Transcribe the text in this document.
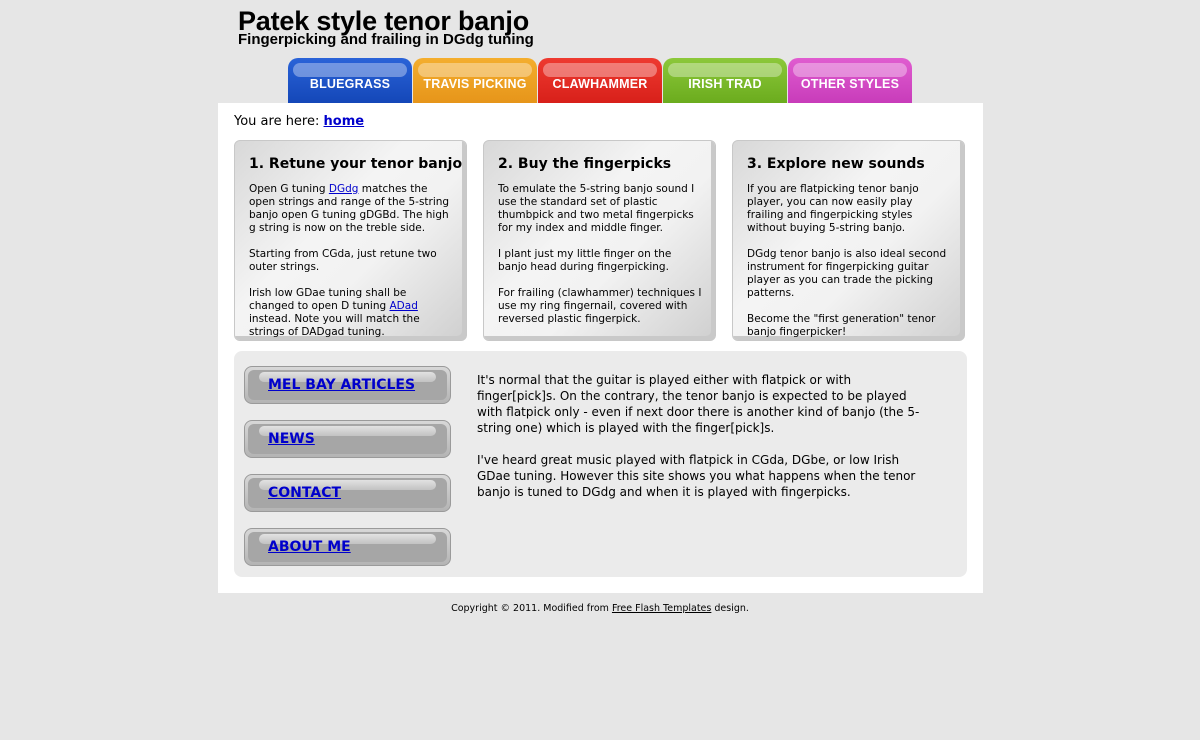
Patek style tenor banjo
Fingerpicking and frailing in DGdg tuning
BLUEGRASS	TRAVIS PICKING	CLAWHAMMER	IRISH TRAD	OTHER STYLES
You are here: home
1. Retune your tenor banjo

Open G tuning DGdg matches the open strings and range of the 5-string banjo open G tuning gDGBd. The high g string is now on the treble side.

Starting from CGda, just retune two outer strings.

Irish low GDae tuning shall be changed to open D tuning ADad instead. Note you will match the strings of DADgad tuning.

2. Buy the fingerpicks

To emulate the 5-string banjo sound I use the standard set of plastic thumbpick and two metal fingerpicks for my index and middle finger.

I plant just my little finger on the banjo head during fingerpicking.

For frailing (clawhammer) techniques I use my ring fingernail, covered with reversed plastic fingerpick.

3. Explore new sounds

If you are flatpicking tenor banjo player, you can now easily play frailing and fingerpicking styles without buying 5-string banjo.

DGdg tenor banjo is also ideal second instrument for fingerpicking guitar player as you can trade the picking patterns.

Become the "first generation" tenor banjo fingerpicker!

MEL BAY ARTICLES
NEWS
CONTACT
ABOUT ME

It's normal that the guitar is played either with flatpick or with finger[pick]s. On the contrary, the tenor banjo is expected to be played with flatpick only - even if next door there is another kind of banjo (the 5-string one) which is played with the finger[pick]s.

I've heard great music played with flatpick in CGda, DGbe, or low Irish GDae tuning. However this site shows you what happens when the tenor banjo is tuned to DGdg and when it is played with fingerpicks.

Copyright © 2011. Modified from Free Flash Templates design.
